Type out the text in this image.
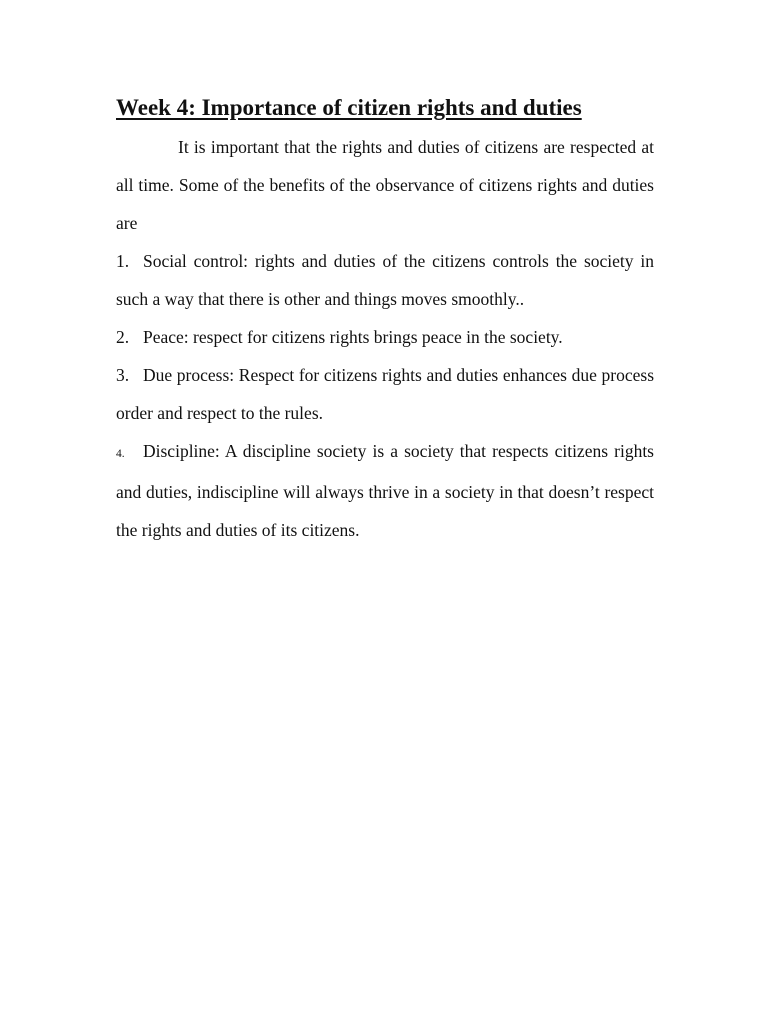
Week 4: Importance of citizen rights and duties

It is important that the rights and duties of citizens are respected at all time. Some of the benefits of the observance of citizens rights and duties are

1. Social control: rights and duties of the citizens controls the society in such a way that there is other and things moves smoothly..
2. Peace: respect for citizens rights brings peace in the society.
3. Due process: Respect for citizens rights and duties enhances due process order and respect to the rules.
4. Discipline: A discipline society is a society that respects citizens rights and duties, indiscipline will always thrive in a society in that doesn’t respect the rights and duties of its citizens.
